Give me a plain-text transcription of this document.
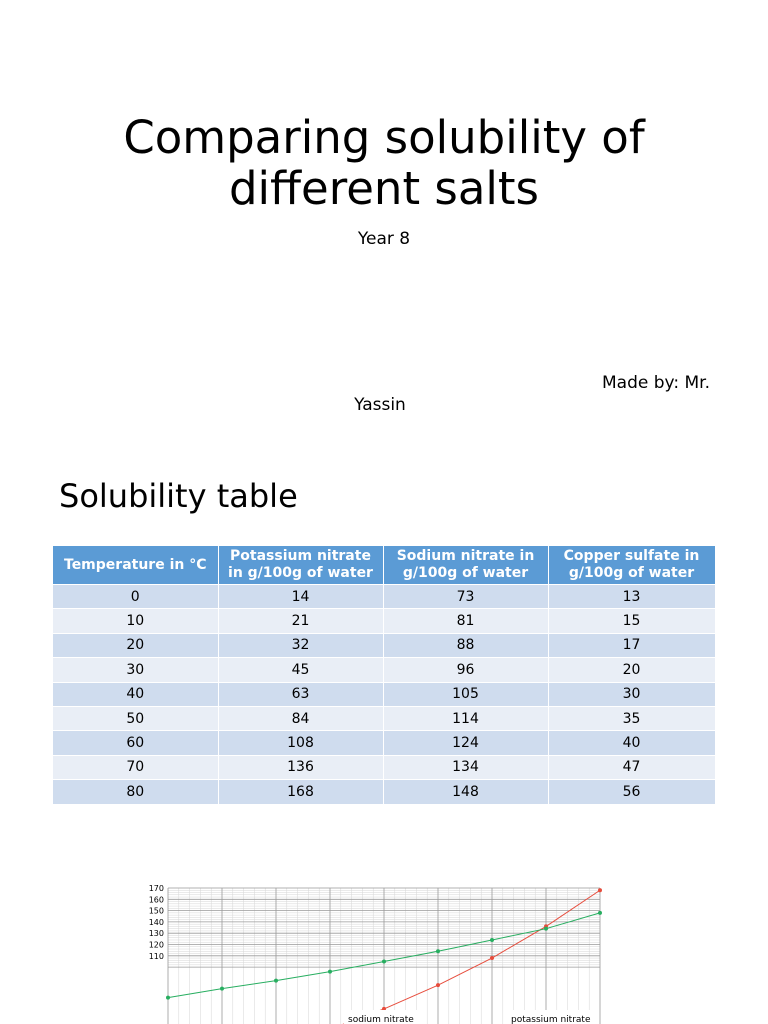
Comparing solubility of
different salts
Year 8
Made by: Mr.
Yassin
Solubility table
Temperature in °C	Potassium nitrate in g/100g of water	Sodium nitrate in g/100g of water	Copper sulfate in g/100g of water
0	14	73	13
10	21	81	15
20	32	88	17
30	45	96	20
40	63	105	30
50	84	114	35
60	108	124	40
70	136	134	47
80	168	148	56
170
160
150
140
130
120
110
sodium nitrate	potassium nitrate
